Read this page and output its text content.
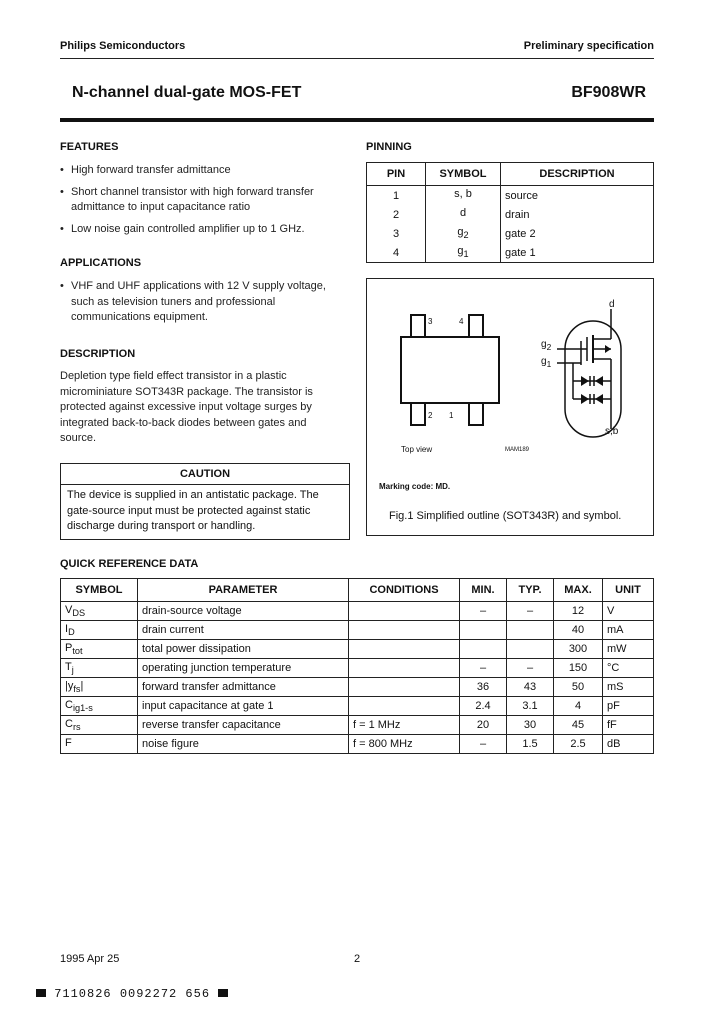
Philips Semiconductors	Preliminary specification
N-channel dual-gate MOS-FET	BF908WR
FEATURES
• High forward transfer admittance
• Short channel transistor with high forward transfer admittance to input capacitance ratio
• Low noise gain controlled amplifier up to 1 GHz.
APPLICATIONS
• VHF and UHF applications with 12 V supply voltage, such as television tuners and professional communications equipment.
DESCRIPTION
Depletion type field effect transistor in a plastic microminiature SOT343R package. The transistor is protected against excessive input voltage surges by integrated back-to-back diodes between gates and source.
CAUTION
The device is supplied in an antistatic package. The gate-source input must be protected against static discharge during transport or handling.
PINNING
PIN	SYMBOL	DESCRIPTION
1	s, b	source
2	d	drain
3	$g_2$	gate 2
4	$g_1$	gate 1
3	4
2 1
Top view	MAM189
d
$g_2$
$g_1$
s,b
Marking code: MD.
Fig.1 Simplified outline (SOT343R) and symbol.
QUICK REFERENCE DATA
SYMBOL	PARAMETER	CONDITIONS	MIN.	TYP.	MAX.	UNIT
$V_{DS}$	drain-source voltage		–	–	12	V
$I_D$	drain current				40	mA
$P_{tot}$	total power dissipation				300	mW
$T_j$	operating junction temperature		–	–	150	°C
$|y_{fs}|$	forward transfer admittance		36	43	50	mS
$C_{ig1-s}$	input capacitance at gate 1		2.4	3.1	4	pF
$C_{rs}$	reverse transfer capacitance	f = 1 MHz	20	30	45	fF
F	noise figure	f = 800 MHz	–	1.5	2.5	dB
1995 Apr 25	2
7110826 0092272 656
